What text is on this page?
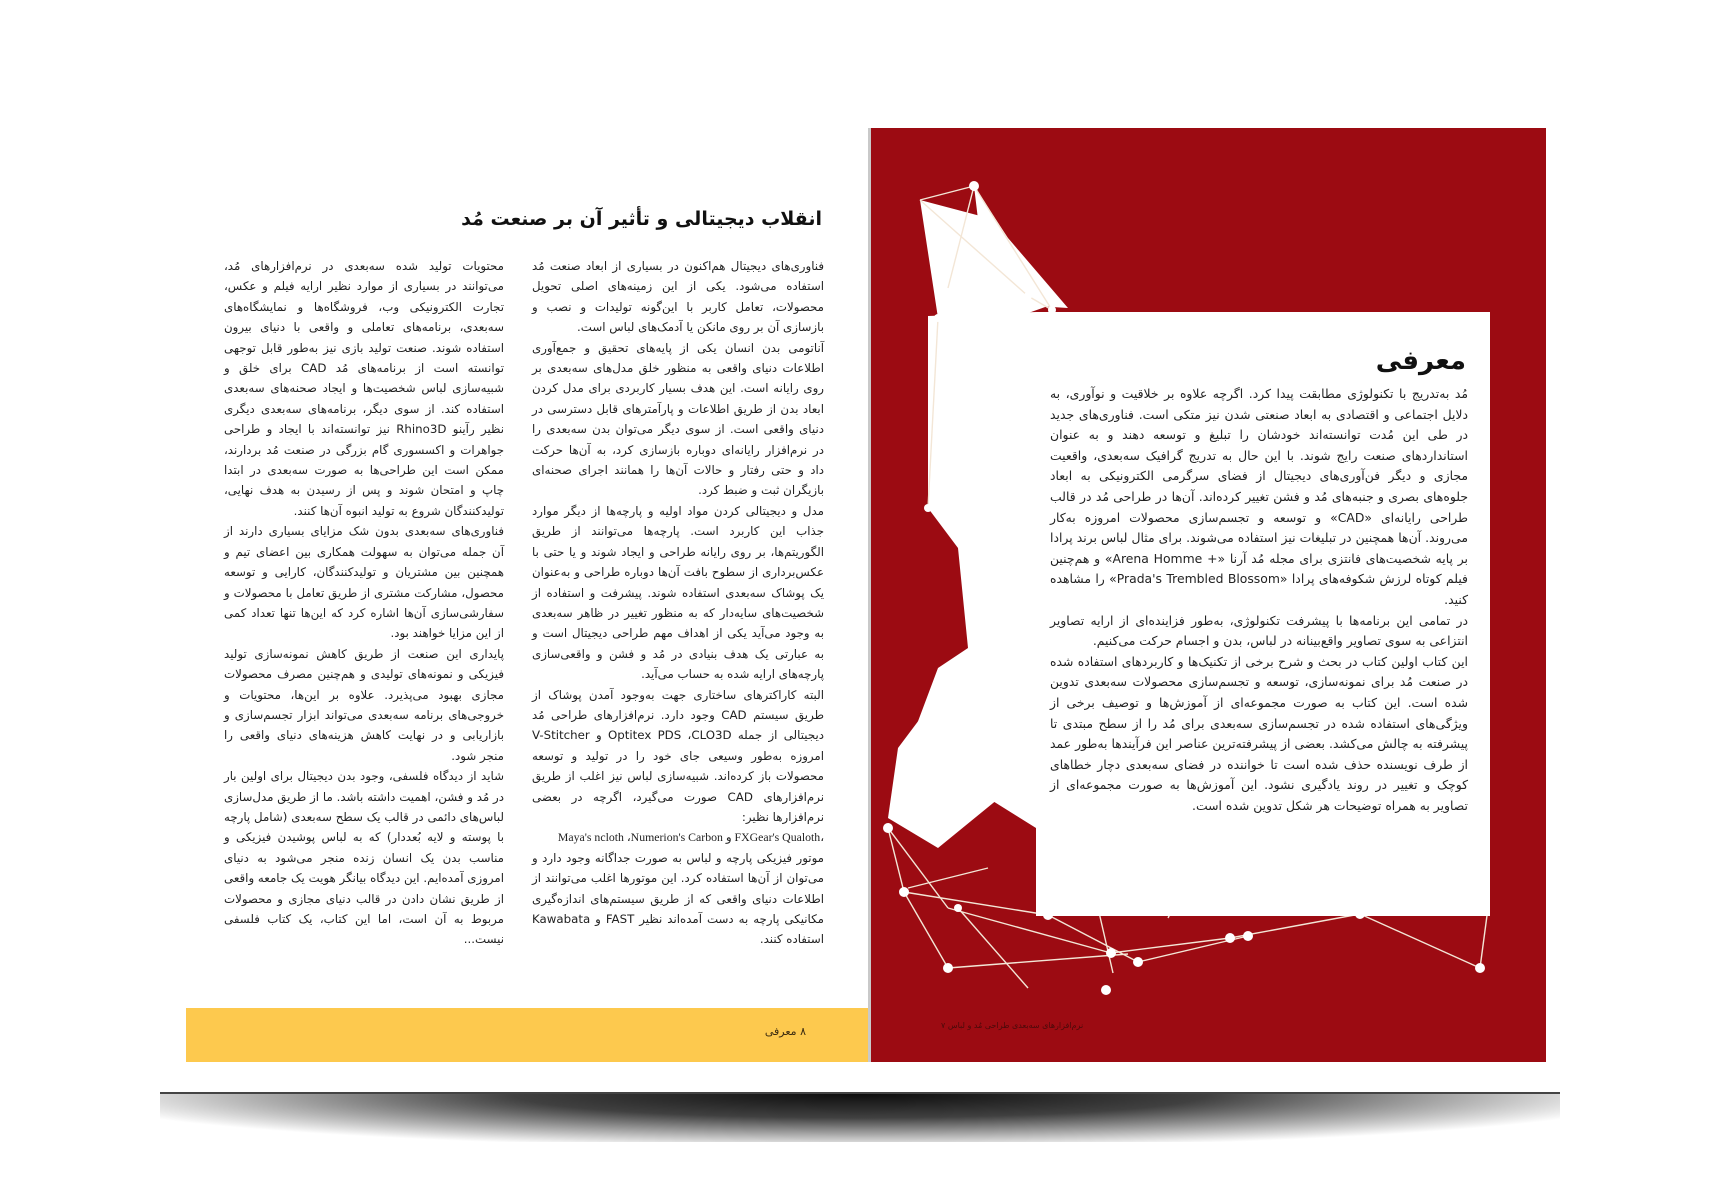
انقلاب دیجیتالی و تأثیر آن بر صنعت مُد

فناوری‌های دیجیتال هم‌اکنون در بسیاری از ابعاد صنعت مُد استفاده می‌شود. یکی از این زمینه‌های اصلی تحویل محصولات، تعامل کاربر با این‌گونه تولیدات و نصب و بازسازی آن بر روی مانکن یا آدمک‌های لباس است.

آناتومی بدن انسان یکی از پایه‌های تحقیق و جمع‌آوری اطلاعات دنیای واقعی به منظور خلق مدل‌های سه‌بعدی بر روی رایانه است. این هدف بسیار کاربردی برای مدل کردن ابعاد بدن از طریق اطلاعات و پارآمترهای قابل دسترسی در دنیای واقعی است. از سوی دیگر می‌توان بدن سه‌بعدی را در نرم‌افزار رایانه‌ای دوباره بازسازی کرد، به آن‌ها حرکت داد و حتی رفتار و حالات آن‌ها را همانند اجرای صحنه‌ای بازیگران ثبت و ضبط کرد.

مدل و دیجیتالی کردن مواد اولیه و پارچه‌ها از دیگر موارد جذاب این کاربرد است. پارچه‌ها می‌توانند از طریق الگوریتم‌ها، بر روی رایانه طراحی و ایجاد شوند و یا حتی با عکس‌برداری از سطوح بافت آن‌ها دوباره طراحی و به‌عنوان یک پوشاک سه‌بعدی استفاده شوند. پیشرفت و استفاده از شخصیت‌های سایه‌دار که به منظور تغییر در ظاهر سه‌بعدی به وجود می‌آید یکی از اهداف مهم طراحی دیجیتال است و به عبارتی یک هدف بنیادی در مُد و فشن و واقعی‌سازی پارچه‌های ارایه شده به حساب می‌آید.

البته کاراکترهای ساختاری جهت به‌وجود آمدن پوشاک از طریق سیستم CAD وجود دارد. نرم‌افزارهای طراحی مُد دیجیتالی از جمله Optitex PDS ،CLO3D و V-Stitcher امروزه به‌طور وسیعی جای خود را در تولید و توسعه محصولات باز کرده‌اند. شبیه‌سازی لباس نیز اغلب از طریق نرم‌افزارهای CAD صورت می‌گیرد، اگرچه در بعضی نرم‌افزارها نظیر:

،FXGear's Qualoth و Maya's ncloth ،Numerion's Carbon

موتور فیزیکی پارچه و لباس به صورت جداگانه وجود دارد و می‌توان از آن‌ها استفاده کرد. این موتورها اغلب می‌توانند از اطلاعات دنیای واقعی که از طریق سیستم‌های اندازه‌گیری مکانیکی پارچه به دست آمده‌اند نظیر FAST و Kawabata استفاده کنند.

محتویات تولید شده سه‌بعدی در نرم‌افزارهای مُد، می‌توانند در بسیاری از موارد نظیر ارایه فیلم و عکس، تجارت الکترونیکی وب، فروشگاه‌ها و نمایشگاه‌های سه‌بعدی، برنامه‌های تعاملی و واقعی با دنیای بیرون استفاده شوند. صنعت تولید بازی نیز به‌طور قابل توجهی توانسته است از برنامه‌های مُد CAD برای خلق و شبیه‌سازی لباس شخصیت‌ها و ایجاد صحنه‌های سه‌بعدی استفاده کند. از سوی دیگر، برنامه‌های سه‌بعدی دیگری نظیر رآینو Rhino3D نیز توانسته‌اند با ایجاد و طراحی جواهرات و اکسسوری گام بزرگی در صنعت مُد بردارند، ممکن است این طراحی‌ها به صورت سه‌بعدی در ابتدا چاپ و امتحان شوند و پس از رسیدن به هدف نهایی، تولیدکنندگان شروع به تولید انبوه آن‌ها کنند.

فناوری‌های سه‌بعدی بدون شک مزایای بسیاری دارند از آن جمله می‌توان به سهولت همکاری بین اعضای تیم و همچنین بین مشتریان و تولیدکنندگان، کارایی و توسعه محصول، مشارکت مشتری از طریق تعامل با محصولات و سفارشی‌سازی آن‌ها اشاره کرد که این‌ها تنها تعداد کمی از این مزایا خواهند بود.

پایداری این صنعت از طریق کاهش نمونه‌سازی تولید فیزیکی و نمونه‌های تولیدی و هم‌چنین مصرف محصولات مجازی بهبود می‌پذیرد. علاوه بر این‌ها، محتویات و خروجی‌های برنامه سه‌بعدی می‌تواند ابزار تجسم‌سازی و بازاریابی و در نهایت کاهش هزینه‌های دنیای واقعی را منجر شود.

شاید از دیدگاه فلسفی، وجود بدن دیجیتال برای اولین بار در مُد و فشن، اهمیت داشته باشد. ما از طریق مدل‌سازی لباس‌های دائمی در قالب یک سطح سه‌بعدی (شامل پارچه با پوسته و لایه بُعددار) که به لباس پوشیدن فیزیکی و مناسب بدن یک انسان زنده منجر می‌شود به دنیای امروزی آمده‌ایم. این دیدگاه بیانگر هویت یک جامعه واقعی از طریق نشان دادن در قالب دنیای مجازی و محصولات مربوط به آن است، اما این کتاب، یک کتاب فلسفی نیست...

۸ معرفی	نرم‌افزارهای سه‌بعدی طراحی مُد و لباس ۷
معرفی

مُد به‌تدریج با تکنولوژی مطابقت پیدا کرد. اگرچه علاوه بر خلاقیت و نوآوری، به دلایل اجتماعی و اقتصادی به ابعاد صنعتی شدن نیز متکی است. فناوری‌های جدید در طی این مُدت توانسته‌اند خودشان را تبلیغ و توسعه دهند و به عنوان استانداردهای صنعت رایج شوند. با این حال به تدریج گرافیک سه‌بعدی، واقعیت مجازی و دیگر فن‌آوری‌های دیجیتال از فضای سرگرمی الکترونیکی به ابعاد جلوه‌های بصری و جنبه‌های مُد و فشن تغییر کرده‌اند. آن‌ها در طراحی مُد در قالب طراحی رایانه‌ای «CAD» و توسعه و تجسم‌سازی محصولات امروزه به‌کار می‌روند. آن‌ها همچنین در تبلیغات نیز استفاده می‌شوند. برای مثال لباس برند پرادا بر پایه شخصیت‌های فانتزی برای مجله مُد آرنا «+ Arena Homme» و هم‌چنین فیلم کوتاه لرزش شکوفه‌های پرادا «Prada's Trembled Blossom» را مشاهده کنید.

در تمامی این برنامه‌ها با پیشرفت تکنولوژی، به‌طور فزاینده‌ای از ارایه تصاویر انتزاعی به سوی تصاویر واقع‌بینانه در لباس، بدن و اجسام حرکت می‌کنیم.

این کتاب اولین کتاب در بحث و شرح برخی از تکنیک‌ها و کاربردهای استفاده شده در صنعت مُد برای نمونه‌سازی، توسعه و تجسم‌سازی محصولات سه‌بعدی تدوین شده است. این کتاب به صورت مجموعه‌ای از آموزش‌ها و توصیف برخی از ویژگی‌های استفاده شده در تجسم‌سازی سه‌بعدی برای مُد را از سطح مبتدی تا پیشرفته به چالش می‌کشد. بعضی از پیشرفته‌ترین عناصر این فرآیندها به‌طور عمد از طرف نویسنده حذف شده است تا خواننده در فضای سه‌بعدی دچار خطاهای کوچک و تغییر در روند یادگیری نشود. این آموزش‌ها به صورت مجموعه‌ای از تصاویر به همراه توضیحات هر شکل تدوین شده است.
